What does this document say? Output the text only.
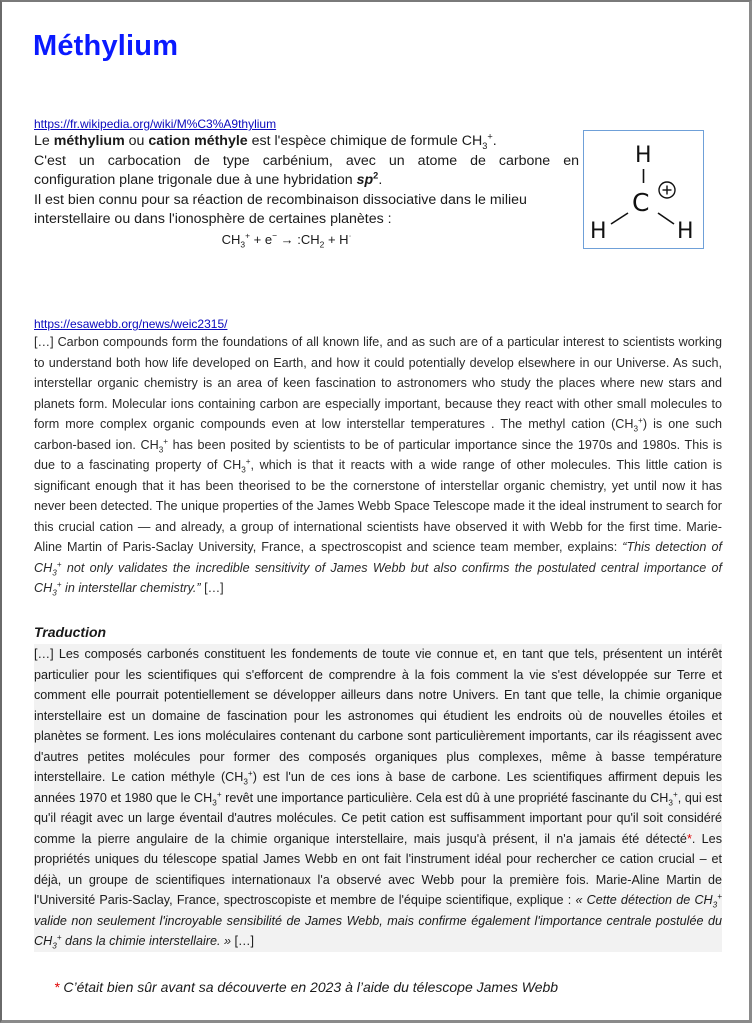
Méthylium
https://fr.wikipedia.org/wiki/M%C3%A9thylium

Le méthylium ou cation méthyle est l'espèce chimique de formule $CH_3^+$.

C'est un carbocation de type carbénium, avec un atome de carbone en

configuration plane trigonale due à une hybridation $sp^2$.

Il est bien connu pour sa réaction de recombinaison dissociative dans le milieu

interstellaire ou dans l'ionosphère de certaines planètes :

$CH_3^+ + e^-$ → $:CH_2 + H^\cdot$

H
C
H	H
https://esawebb.org/news/weic2315/

[…] Carbon compounds form the foundations of all known life, and as such are of a particular interest to scientists working to understand both how life developed on Earth, and how it could potentially develop elsewhere in our Universe. As such, interstellar organic chemistry is an area of keen fascination to astronomers who study the places where new stars and planets form. Molecular ions containing carbon are especially important, because they react with other small molecules to form more complex organic compounds even at low interstellar temperatures . The methyl cation $(CH_3^+)$ is one such carbon-based ion. $CH_3^+$ has been posited by scientists to be of particular importance since the 1970s and 1980s. This is due to a fascinating property of $CH_3^+$, which is that it reacts with a wide range of other molecules. This little cation is significant enough that it has been theorised to be the cornerstone of interstellar organic chemistry, yet until now it has never been detected. The unique properties of the James Webb Space Telescope made it the ideal instrument to search for this crucial cation — and already, a group of international scientists have observed it with Webb for the first time. Marie-Aline Martin of Paris-Saclay University, France, a spectroscopist and science team member, explains: “This detection of $CH_3^+$ not only validates the incredible sensitivity of James Webb but also confirms the postulated central importance of $CH_3^+$ in interstellar chemistry.” […]

Traduction

[…] Les composés carbonés constituent les fondements de toute vie connue et, en tant que tels, présentent un intérêt particulier pour les scientifiques qui s'efforcent de comprendre à la fois comment la vie s'est développée sur Terre et comment elle pourrait potentiellement se développer ailleurs dans notre Univers. En tant que telle, la chimie organique interstellaire est un domaine de fascination pour les astronomes qui étudient les endroits où de nouvelles étoiles et planètes se forment. Les ions moléculaires contenant du carbone sont particulièrement importants, car ils réagissent avec d'autres petites molécules pour former des composés organiques plus complexes, même à basse température interstellaire. Le cation méthyle $(CH_3^+)$ est l'un de ces ions à base de carbone. Les scientifiques affirment depuis les années 1970 et 1980 que le $CH_3^+$ revêt une importance particulière. Cela est dû à une propriété fascinante du $CH_3^+$, qui est qu'il réagit avec un large éventail d'autres molécules. Ce petit cation est suffisamment important pour qu'il soit considéré comme la pierre angulaire de la chimie organique interstellaire, mais jusqu'à présent, il n'a jamais été détecté*. Les propriétés uniques du télescope spatial James Webb en ont fait l'instrument idéal pour rechercher ce cation crucial – et déjà, un groupe de scientifiques internationaux l'a observé avec Webb pour la première fois. Marie-Aline Martin de l'Université Paris-Saclay, France, spectroscopiste et membre de l'équipe scientifique, explique : « Cette détection de $CH_3^+$ valide non seulement l'incroyable sensibilité de James Webb, mais confirme également l'importance centrale postulée du $CH_3^+$ dans la chimie interstellaire. » […]

* C’était bien sûr avant sa découverte en 2023 à l’aide du télescope James Webb
